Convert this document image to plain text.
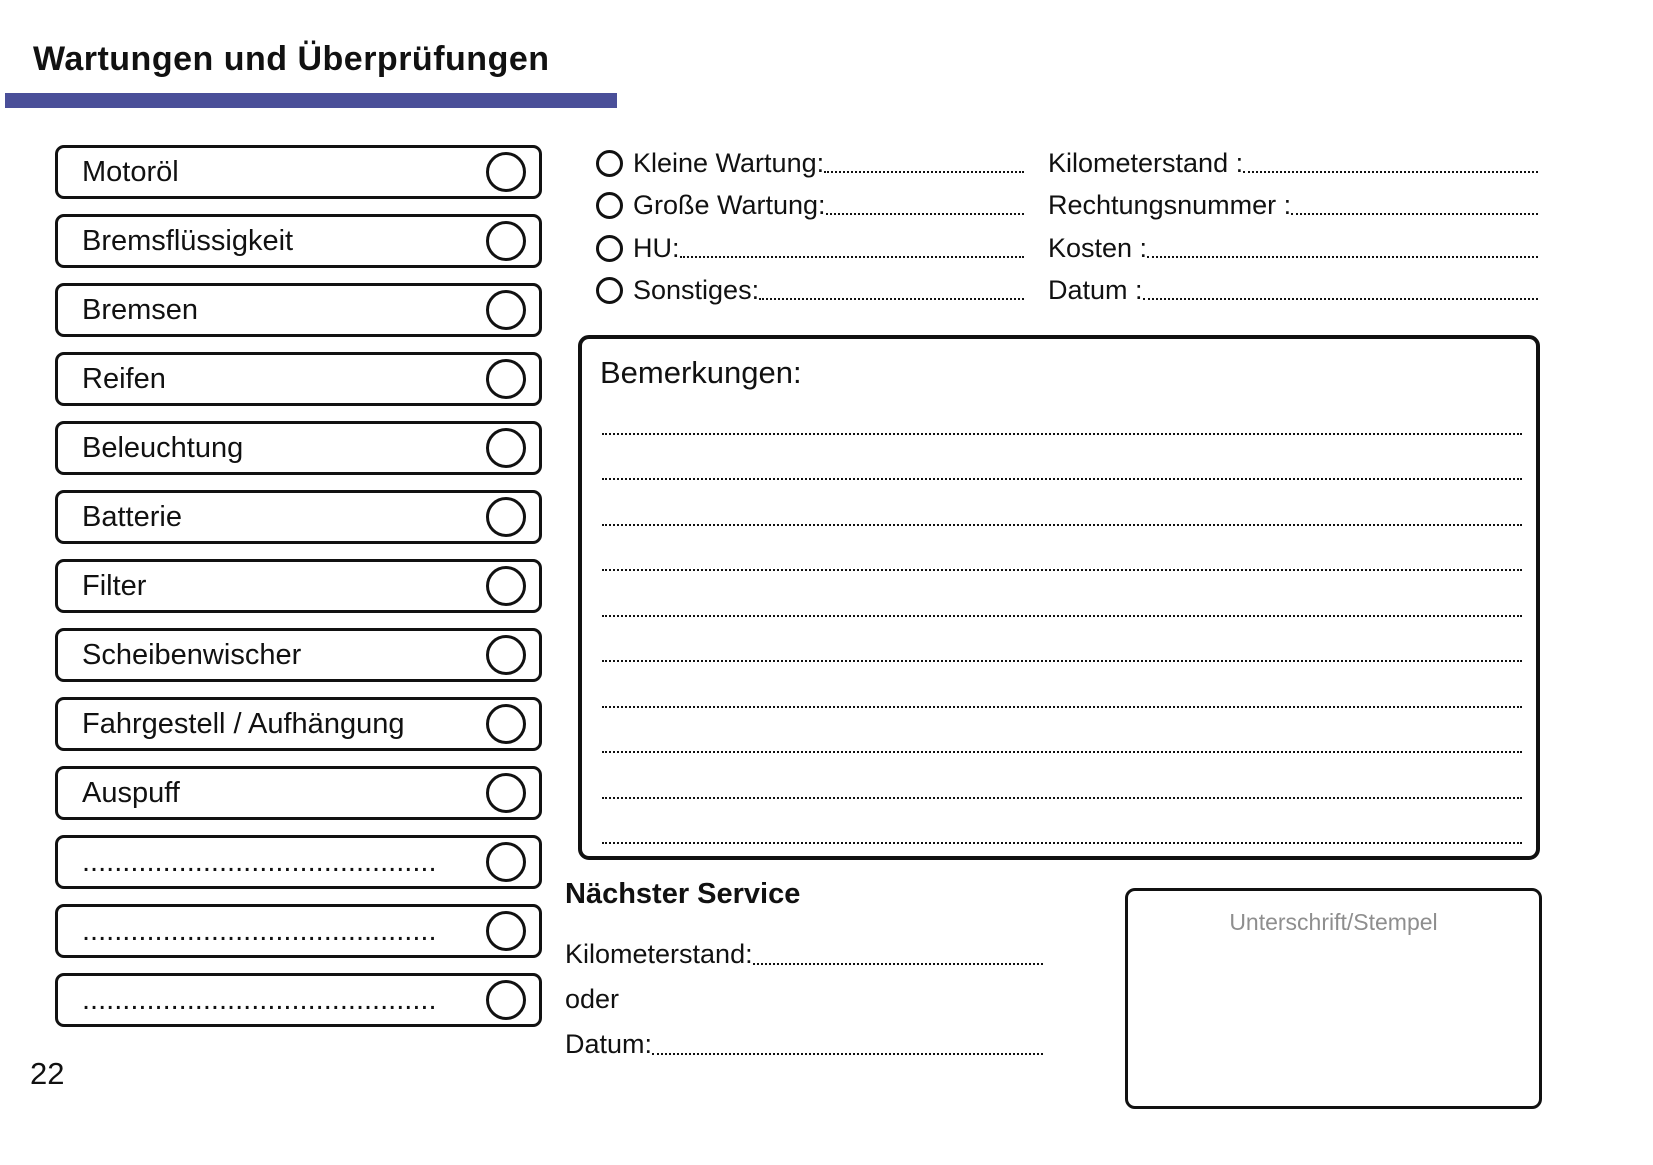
Wartungen und Überprüfungen
Motoröl
Bremsflüssigkeit
Bremsen
Reifen
Beleuchtung
Batterie
Filter
Scheibenwischer
Fahrgestell / Aufhängung
Auspuff
............................................
............................................
............................................
Kleine Wartung:
Große Wartung:
HU:
Sonstiges:
Kilometerstand :
Rechtungsnummer :
Kosten :
Datum :
Bemerkungen:
Nächster Service
Kilometerstand:
oder
Datum:
Unterschrift/Stempel
22
